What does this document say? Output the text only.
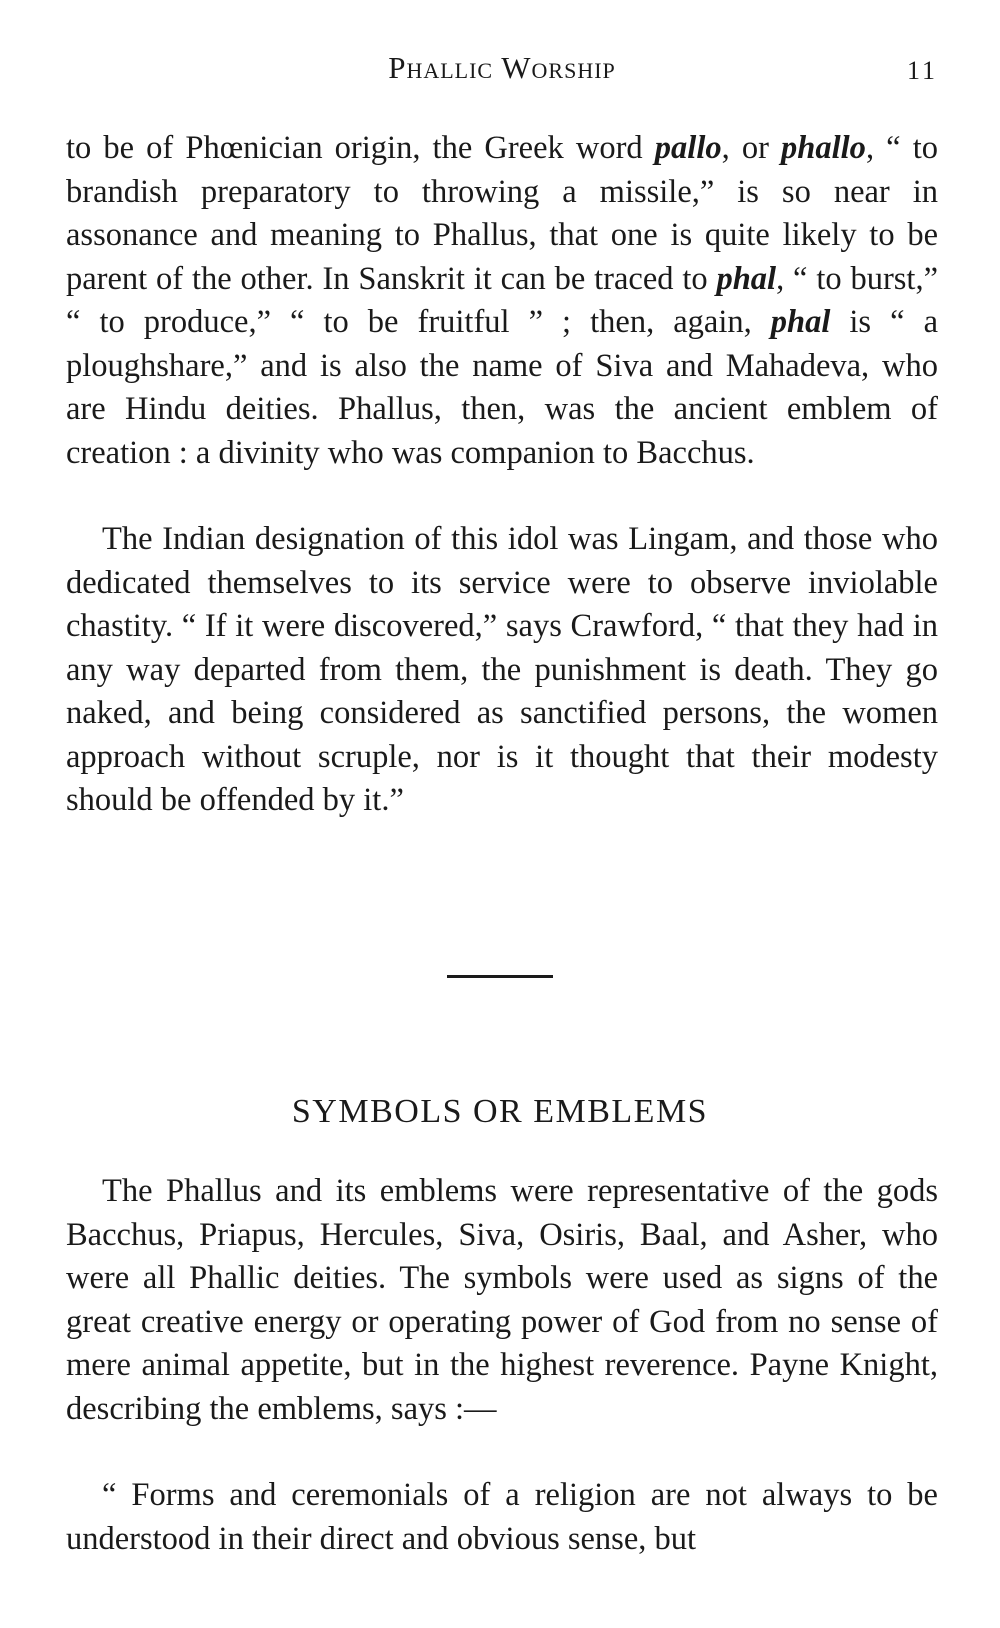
Phallic Worship	11

to be of Phœnician origin, the Greek word pallo, or phallo, “ to brandish preparatory to throwing a missile,” is so near in assonance and meaning to Phallus, that one is quite likely to be parent of the other. In Sanskrit it can be traced to phal, “ to burst,” “ to produce,” “ to be fruitful ” ; then, again, phal is “ a ploughshare,” and is also the name of Siva and Mahadeva, who are Hindu deities. Phallus, then, was the ancient emblem of creation : a divinity who was companion to Bacchus.

The Indian designation of this idol was Lingam, and those who dedicated themselves to its service were to observe inviolable chastity. “ If it were discovered,” says Crawford, “ that they had in any way departed from them, the punishment is death. They go naked, and being considered as sanctified persons, the women approach without scruple, nor is it thought that their modesty should be offended by it.”

SYMBOLS OR EMBLEMS

The Phallus and its emblems were representative of the gods Bacchus, Priapus, Hercules, Siva, Osiris, Baal, and Asher, who were all Phallic deities. The symbols were used as signs of the great creative energy or operating power of God from no sense of mere animal appetite, but in the highest reverence. Payne Knight, describing the emblems, says :—

“ Forms and ceremonials of a religion are not always to be understood in their direct and obvious sense, but
